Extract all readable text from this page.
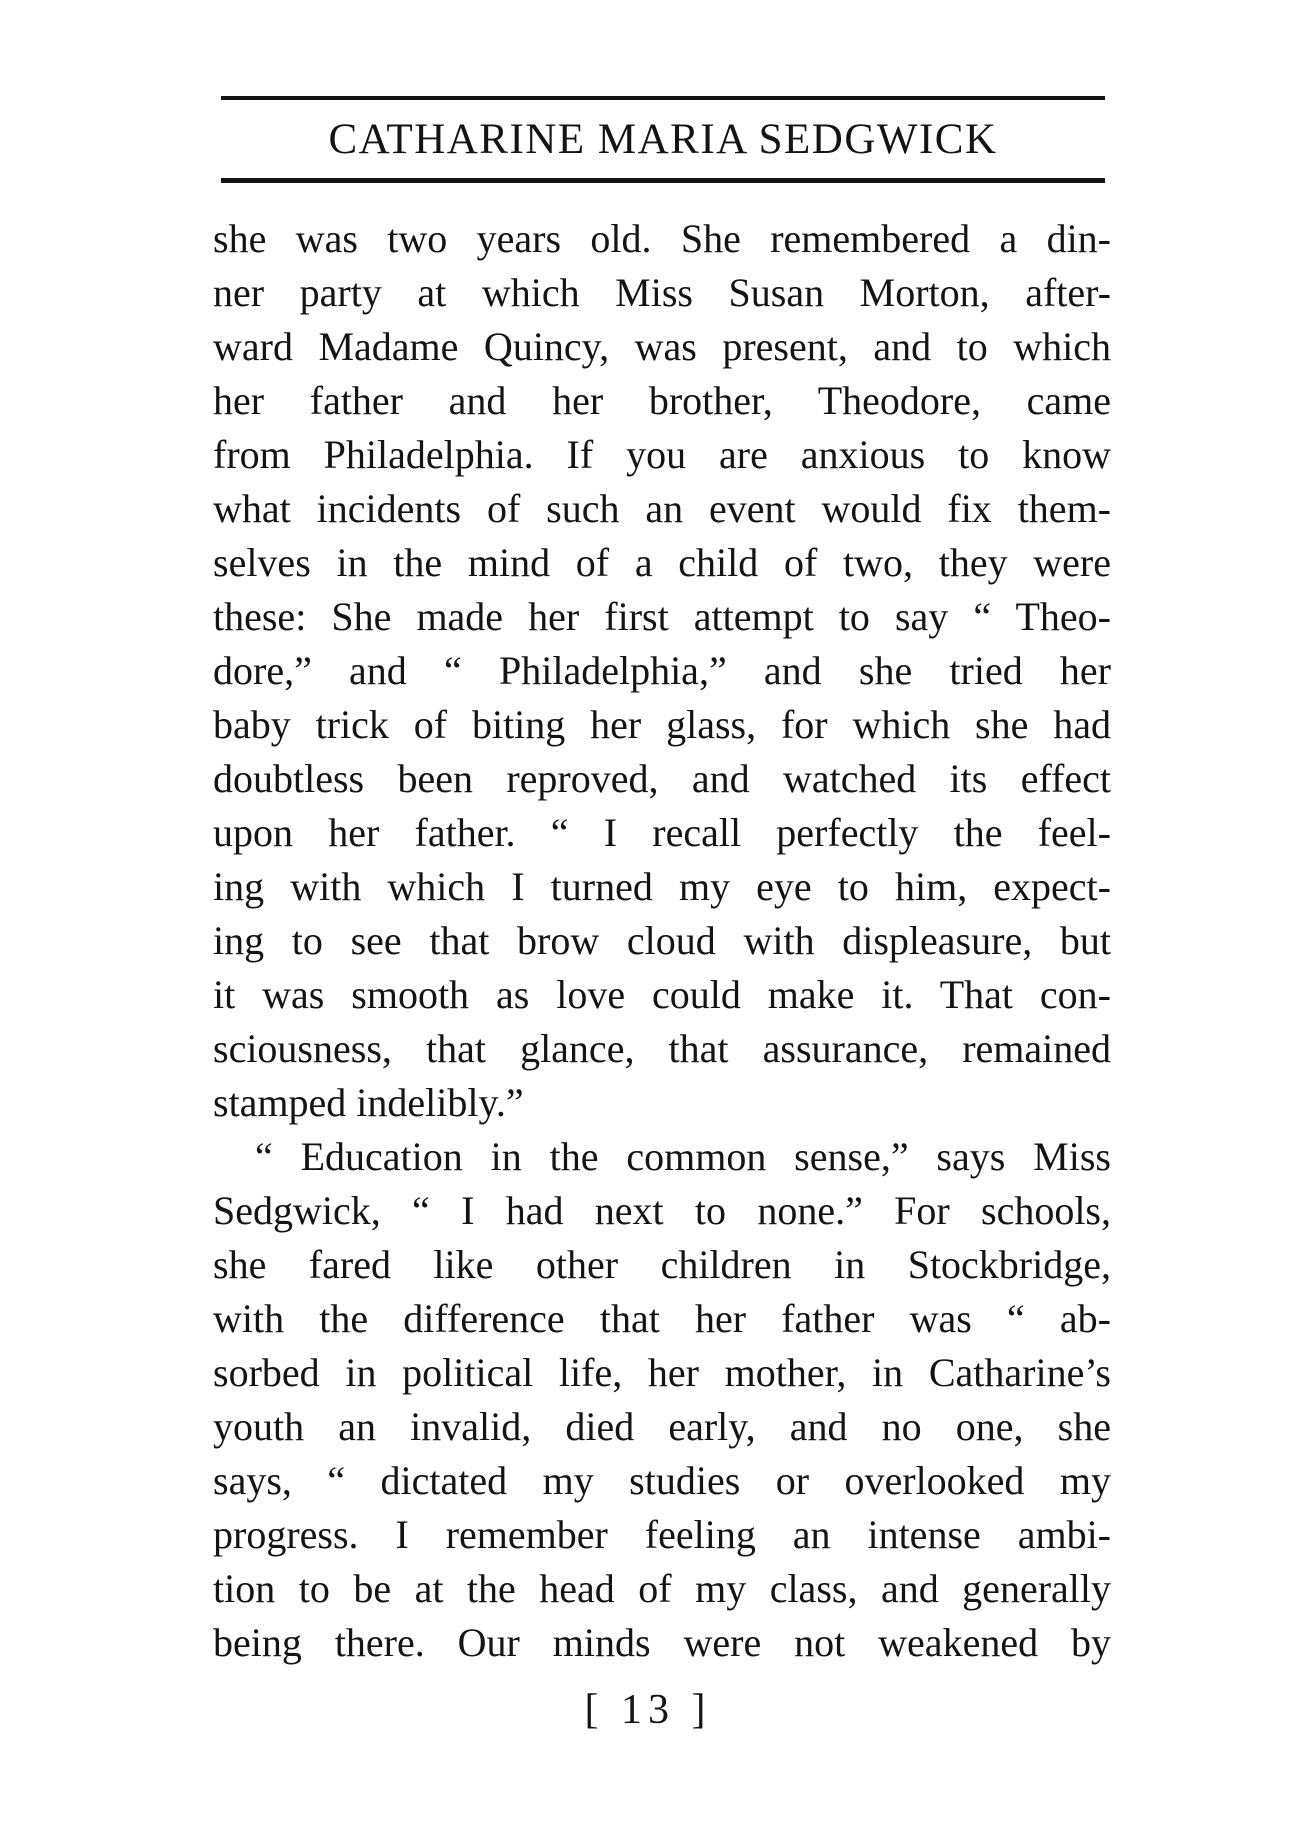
CATHARINE MARIA SEDGWICK
she was two years old. She remembered a din-
ner party at which Miss Susan Morton, after-
ward Madame Quincy, was present, and to which
her father and her brother, Theodore, came
from Philadelphia. If you are anxious to know
what incidents of such an event would fix them-
selves in the mind of a child of two, they were
these: She made her first attempt to say “ Theo-
dore,” and “ Philadelphia,” and she tried her
baby trick of biting her glass, for which she had
doubtless been reproved, and watched its effect
upon her father. “ I recall perfectly the feel-
ing with which I turned my eye to him, expect-
ing to see that brow cloud with displeasure, but
it was smooth as love could make it. That con-
sciousness, that glance, that assurance, remained
stamped indelibly.”
“ Education in the common sense,” says Miss
Sedgwick, “ I had next to none.” For schools,
she fared like other children in Stockbridge,
with the difference that her father was “ ab-
sorbed in political life, her mother, in Catharine’s
youth an invalid, died early, and no one, she
says, “ dictated my studies or overlooked my
progress. I remember feeling an intense ambi-
tion to be at the head of my class, and generally
being there. Our minds were not weakened by
[ 13 ]
